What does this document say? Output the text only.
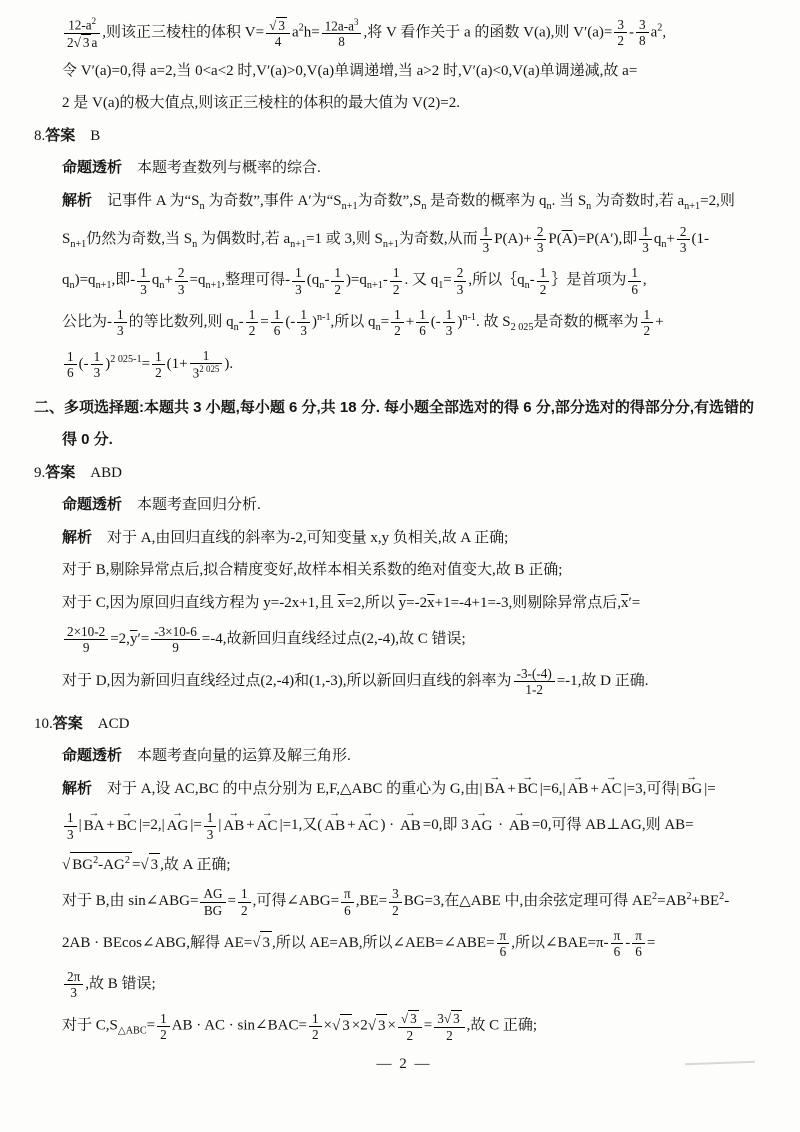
$\frac{12-a^2}{2√ 3 a}$ ,则该正三棱柱的体积 $V= \frac{√ 3}{4} a^2h= \frac{12a-a^3}{8}$ ,将 V 看作关于 a 的函数 V(a),则 $V'(a)= \frac{3}{2} - \frac{3}{8} a^2$,
令 V′(a)=0,得 a=2,当 0<a<2 时,V′(a)>0,V(a)单调递增,当 a>2 时,V′(a)<0,V(a)单调递减,故 a=
2 是 V(a)的极大值点,则该正三棱柱的体积的最大值为 V(2)=2.
8.答案　B
命题透析　本题考查数列与概率的综合.
解析　记事件 A 为“$S_n$ 为奇数”,事件 A′为“$S_{n+1}$为奇数$”,S_n$ 是奇数的概率为 $q_n$. 当 $S_n$ 为奇数时,若 $a_{n+1}=2$,则
$S_{n+1}$仍然为奇数,当 $S_n$ 为偶数时,若 $a_{n+1}=1$ 或 3,则 $S_{n+1}$为奇数,从而 $\frac{1}{3} P(A)+ \frac{2}{3} P(\overline{A})=P(A')$,即 $\frac{1}{3} q_n+ \frac{2}{3} (1-$
$q_n)=q_{n+1}$,即- $\frac{1}{3} q_n+ \frac{2}{3} =q_{n+1}$,整理可得- $\frac{1}{3} (q_n- \frac{1}{2} )=q_{n+1}- \frac{1}{2}$ . 又 $q_1= \frac{2}{3}$ ,所以$\{q_n- \frac{1}{2}$ ｝是首项为 $\frac{1}{6}$ ,
公比为- $\frac{1}{3}$ 的等比数列,则 $q_n- \frac{1}{2} = \frac{1}{6}$ (- $\frac{1}{3} )^{n-1}$,所以 $q_n= \frac{1}{2} + \frac{1}{6}$ (- $\frac{1}{3} )^{n-1}$. 故 $S_{2 025}$是奇数的概率为 $\frac{1}{2}$ +
$\frac{1}{6}$ (- $\frac{1}{3} )^{2 025-1}= \frac{1}{2} (1+ \frac{1}{3^{2 025}}$ ).
二、多项选择题:本题共 3 小题,每小题 6 分,共 18 分. 每小题全部选对的得 6 分,部分选对的得部分分,有选错的
得 0 分.
9.答案　ABD
命题透析　本题考查回归分析.
解析　对于 A,由回归直线的斜率为-2,可知变量 x,y 负相关,故 A 正确;
对于 B,剔除异常点后,拟合精度变好,故样本相关系数的绝对值变大,故 B 正确;
对于 C,因为原回归直线方程为 y=-2x+1,且 $\overline{x}=2$,所以 $\overline{y}=-2\overline{x}+1=-4+1=-3$,则剔除异常点后$,\overline{x}'=$
$\frac{2\times 10-2}{9} =2,\overline{y}'= \frac{-3\times 10-6}{9} =-4$,故新回归直线经过点(2,-4),故 C 错误;
对于 D,因为新回归直线经过点(2,-4)和(1,-3),所以新回归直线的斜率为 $\frac{-3-(-4)}{1-2} =-1$,故 D 正确.
10.答案　ACD
命题透析　本题考查向量的运算及解三角形.
解析　对于 A,设 AC,BC 的中点分别为 E,F,△ABC 的重心为 G,由| BA → + BC → |=6,| AB → + AC → |=3,可得| BG → |=
$\frac{1}{3}$ | BA → + BC → |=2,| AG → |= $\frac{1}{3}$ | AB → + AC → |=1,又( AB → + AC → ) · AB → =0,即 3 AG → · AB → =0,可得 AB⊥AG,则 AB=
√ $BG^2-AG^2$ =√ 3 ,故 A 正确;
对于 B,由 sin∠ABG= $\frac{AG}{BG} = \frac{1}{2}$ ,可得∠ABG= $\frac{\pi}{6} ,BE= \frac{3}{2} BG=3$,在△ABE 中,由余弦定理可得 $AE^2=AB^2+BE^2-$
2AB · BEcos∠ABG,解得 AE=√ 3 ,所以 AE=AB,所以∠AEB=∠ABE= $\frac{\pi}{6}$ ,所以∠BAE=π- $\frac{\pi}{6} - \frac{\pi}{6}$ =
$\frac{2\pi}{3}$ ,故 B 错误;
对于 $C,S_{\triangle ABC}= \frac{1}{2}$ AB · AC · sin∠BAC= $\frac{1}{2}$ ×√ 3 ×2√ $3 \times \frac{√ 3}{2} = \frac{3√ 3}{2}$ ,故 C 正确;
— 2 —
